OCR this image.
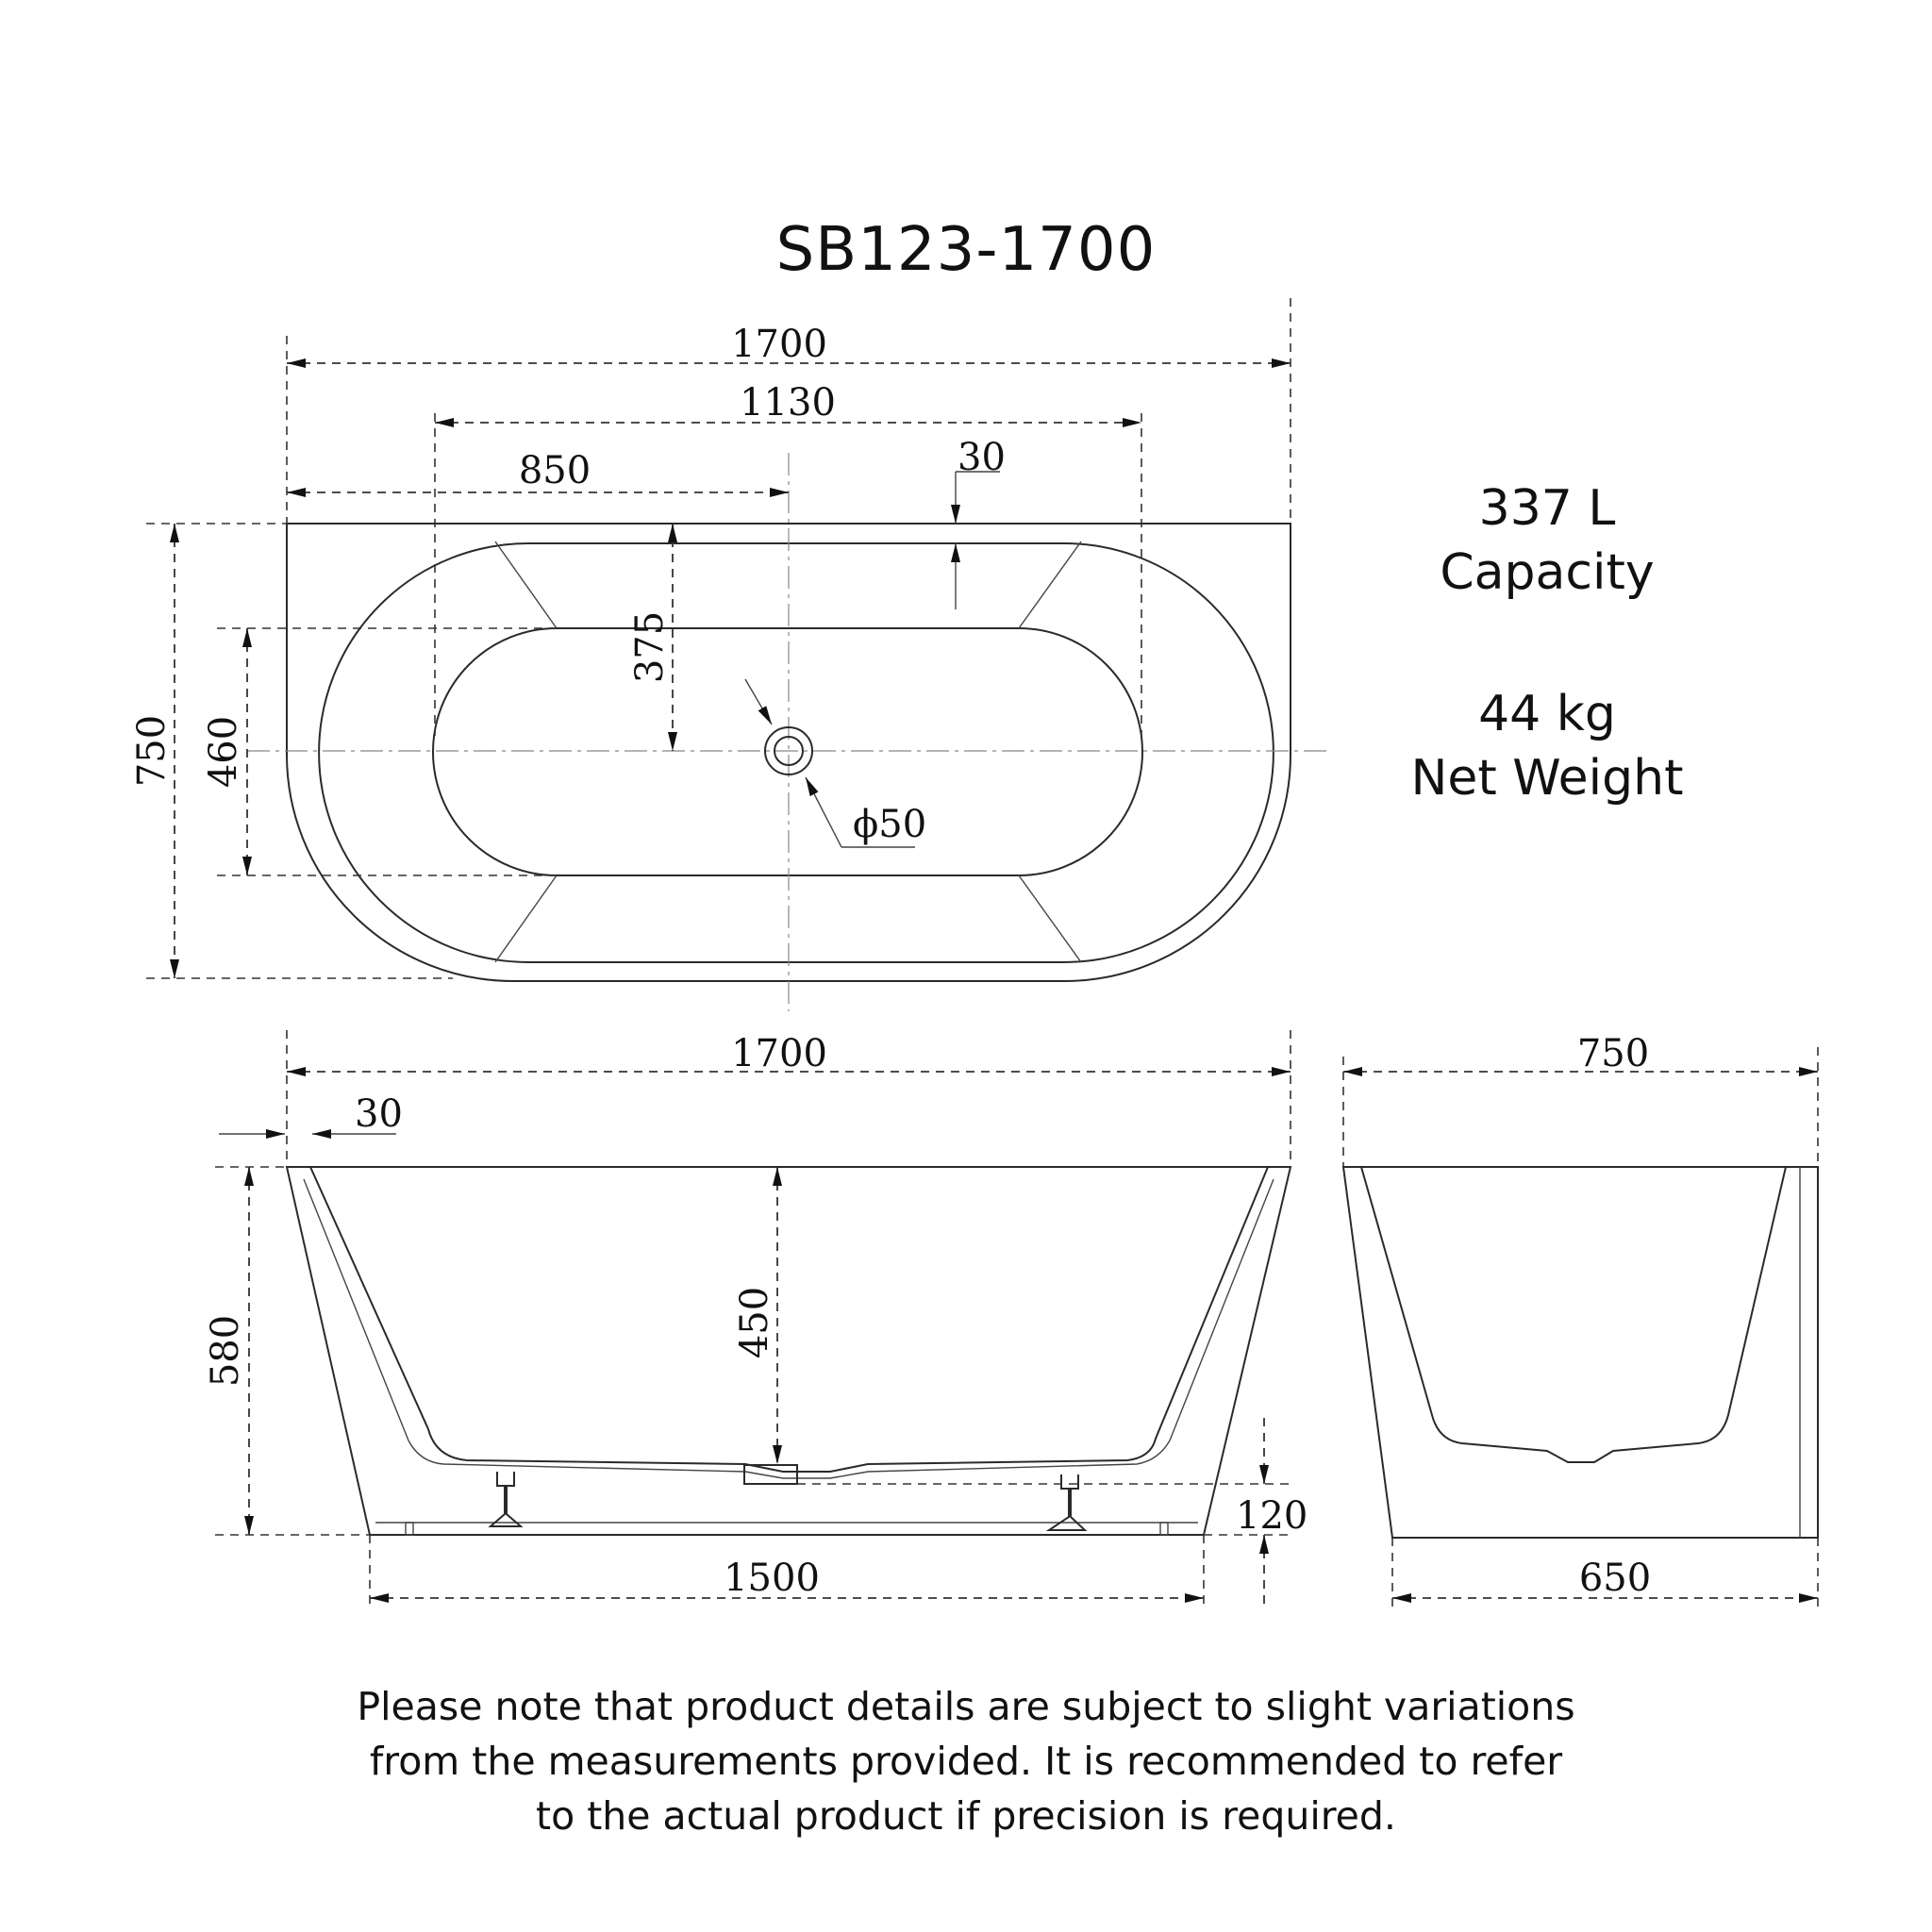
SB123-1700
337 L
Capacity
44 kg
Net Weight
ϕ50
1700
1130
850	30
375
750 460
1700
30
580	450
120
1500
750
650
Please note that product details are subject to slight variations
from the measurements provided. It is recommended to refer
to the actual product if precision is required.
